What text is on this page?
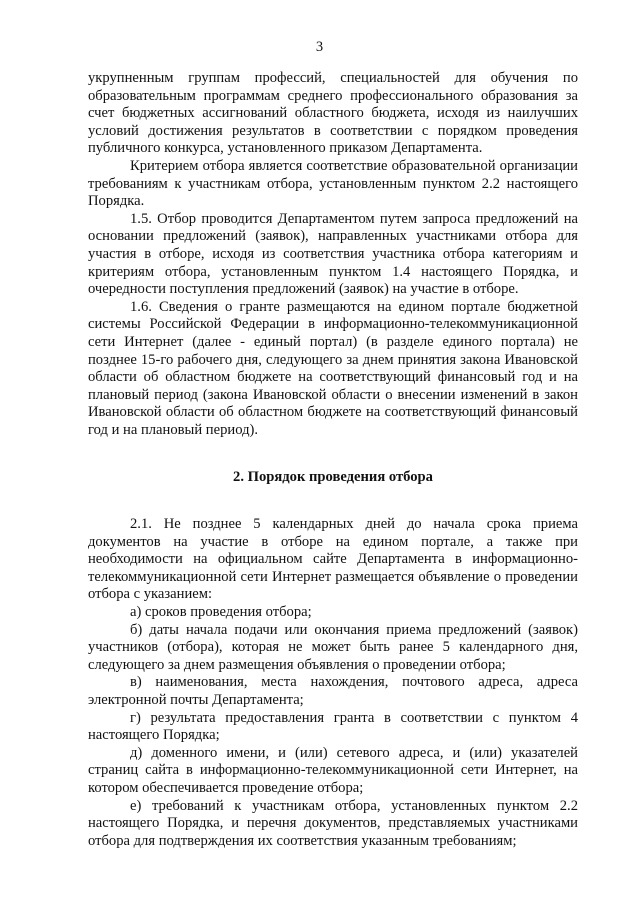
3

укрупненным группам профессий, специальностей для обучения по образовательным программам среднего профессионального образования за счет бюджетных ассигнований областного бюджета, исходя из наилучших условий достижения результатов в соответствии с порядком проведения публичного конкурса, установленного приказом Департамента.

Критерием отбора является соответствие образовательной организации требованиям к участникам отбора, установленным пунктом 2.2 настоящего Порядка.

1.5. Отбор проводится Департаментом путем запроса предложений на основании предложений (заявок), направленных участниками отбора для участия в отборе, исходя из соответствия участника отбора категориям и критериям отбора, установленным пунктом 1.4 настоящего Порядка, и очередности поступления предложений (заявок) на участие в отборе.

1.6. Сведения о гранте размещаются на едином портале бюджетной системы Российской Федерации в информационно-телекоммуникационной сети Интернет (далее - единый портал) (в разделе единого портала) не позднее 15-го рабочего дня, следующего за днем принятия закона Ивановской области об областном бюджете на соответствующий финансовый год и на плановый период (закона Ивановской области о внесении изменений в закон Ивановской области об областном бюджете на соответствующий финансовый год и на плановый период).

2. Порядок проведения отбора

2.1. Не позднее 5 календарных дней до начала срока приема документов на участие в отборе на едином портале, а также при необходимости на официальном сайте Департамента в информационно-телекоммуникационной сети Интернет размещается объявление о проведении отбора с указанием:

а) сроков проведения отбора;

б) даты начала подачи или окончания приема предложений (заявок) участников (отбора), которая не может быть ранее 5 календарного дня, следующего за днем размещения объявления о проведении отбора;

в) наименования, места нахождения, почтового адреса, адреса электронной почты Департамента;

г) результата предоставления гранта в соответствии с пунктом 4 настоящего Порядка;

д) доменного имени, и (или) сетевого адреса, и (или) указателей страниц сайта в информационно-телекоммуникационной сети Интернет, на котором обеспечивается проведение отбора;

е) требований к участникам отбора, установленных пунктом 2.2 настоящего Порядка, и перечня документов, представляемых участниками отбора для подтверждения их соответствия указанным требованиям;
